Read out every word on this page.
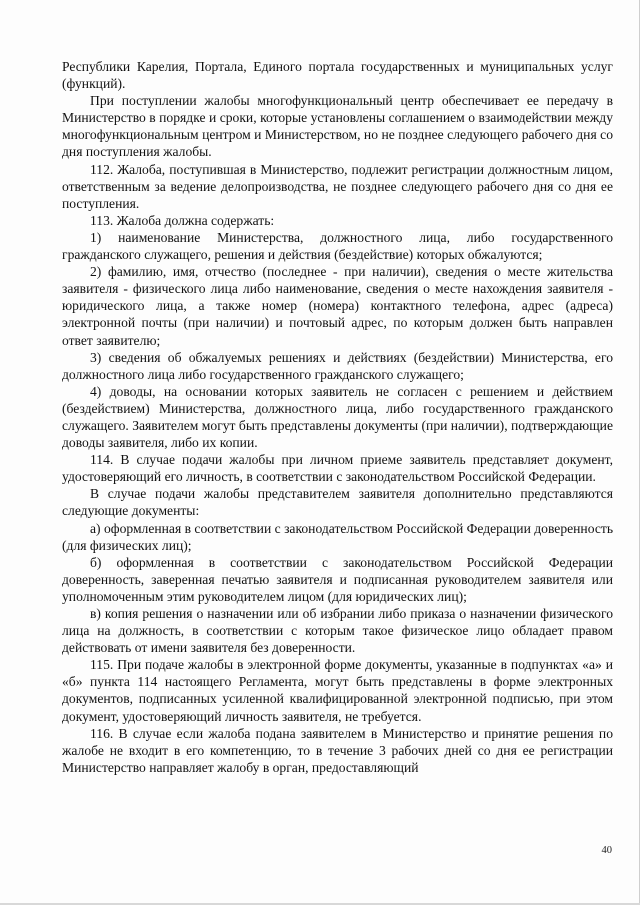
Республики Карелия, Портала, Единого портала государственных и муниципальных услуг (функций).

При поступлении жалобы многофункциональный центр обеспечивает ее передачу в Министерство в порядке и сроки, которые установлены соглашением о взаимодействии между многофункциональным центром и Министерством, но не позднее следующего рабочего дня со дня поступления жалобы.

112. Жалоба, поступившая в Министерство, подлежит регистрации должностным лицом, ответственным за ведение делопроизводства, не позднее следующего рабочего дня со дня ее поступления.

113. Жалоба должна содержать:

1) наименование Министерства, должностного лица, либо государственного гражданского служащего, решения и действия (бездействие) которых обжалуются;

2) фамилию, имя, отчество (последнее - при наличии), сведения о месте жительства заявителя - физического лица либо наименование, сведения о месте нахождения заявителя - юридического лица, а также номер (номера) контактного телефона, адрес (адреса) электронной почты (при наличии) и почтовый адрес, по которым должен быть направлен ответ заявителю;

3) сведения об обжалуемых решениях и действиях (бездействии) Министерства, его должностного лица либо государственного гражданского служащего;

4) доводы, на основании которых заявитель не согласен с решением и действием (бездействием) Министерства, должностного лица, либо государственного гражданского служащего. Заявителем могут быть представлены документы (при наличии), подтверждающие доводы заявителя, либо их копии.

114. В случае подачи жалобы при личном приеме заявитель представляет документ, удостоверяющий его личность, в соответствии с законодательством Российской Федерации.

В случае подачи жалобы представителем заявителя дополнительно представляются следующие документы:

а) оформленная в соответствии с законодательством Российской Федерации доверенность (для физических лиц);

б) оформленная в соответствии с законодательством Российской Федерации доверенность, заверенная печатью заявителя и подписанная руководителем заявителя или уполномоченным этим руководителем лицом (для юридических лиц);

в) копия решения о назначении или об избрании либо приказа о назначении физического лица на должность, в соответствии с которым такое физическое лицо обладает правом действовать от имени заявителя без доверенности.

115. При подаче жалобы в электронной форме документы, указанные в подпунктах «а» и «б» пункта 114 настоящего Регламента, могут быть представлены в форме электронных документов, подписанных усиленной квалифицированной электронной подписью, при этом документ, удостоверяющий личность заявителя, не требуется.

116. В случае если жалоба подана заявителем в Министерство и принятие решения по жалобе не входит в его компетенцию, то в течение 3 рабочих дней со дня ее регистрации Министерство направляет жалобу в орган, предоставляющий

40
